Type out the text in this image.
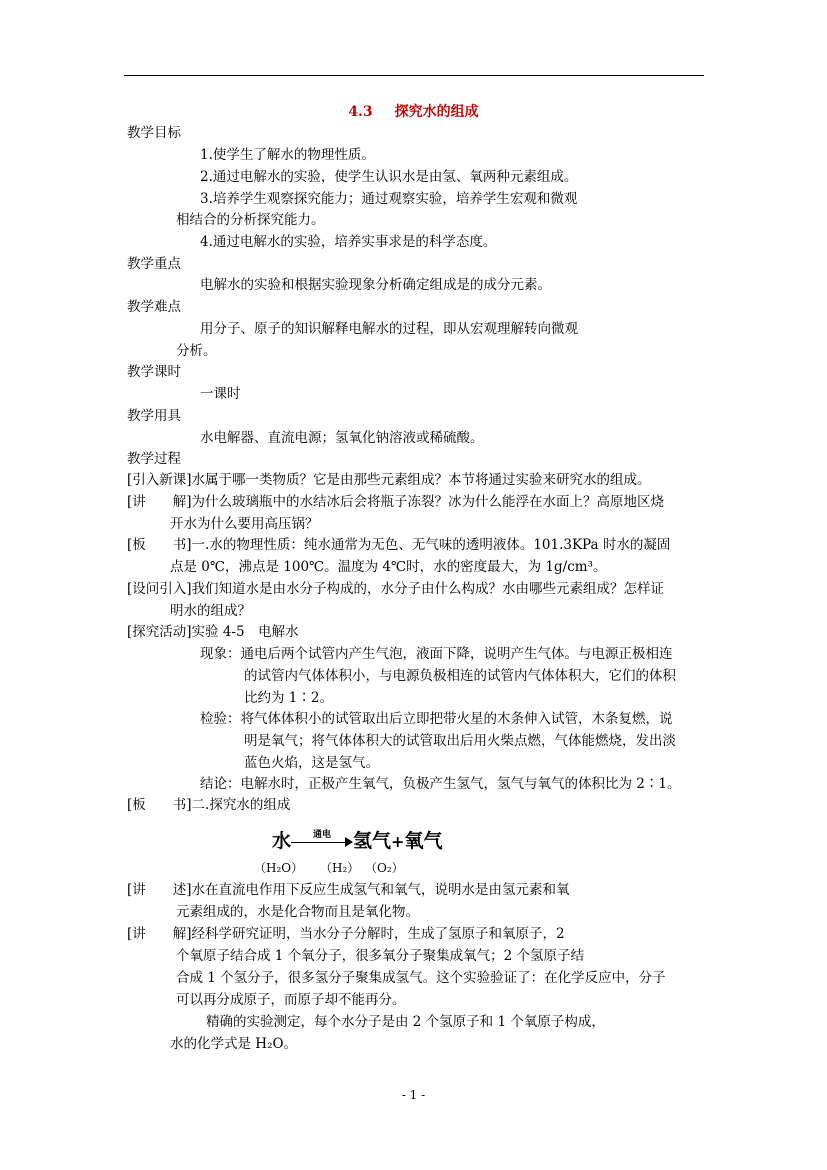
4.3 探究水的组成
教学目标
1.使学生了解水的物理性质。
2.通过电解水的实验，使学生认识水是由氢、氧两种元素组成。
3.培养学生观察探究能力；通过观察实验，培养学生宏观和微观
相结合的分析探究能力。
4.通过电解水的实验，培养实事求是的科学态度。
教学重点
电解水的实验和根据实验现象分析确定组成是的成分元素。
教学难点
用分子、原子的知识解释电解水的过程，即从宏观理解转向微观
分析。
教学课时
一课时
教学用具
水电解器、直流电源；氢氧化钠溶液或稀硫酸。
教学过程
[引入新课]水属于哪一类物质？它是由那些元素组成？本节将通过实验来研究水的组成。
[讲　　解]为什么玻璃瓶中的水结冰后会将瓶子冻裂？冰为什么能浮在水面上？高原地区烧
开水为什么要用高压锅？
[板　　书]一.水的物理性质：纯水通常为无色、无气味的透明液体。101.3KPa 时水的凝固
点是 0℃，沸点是 100℃。温度为 4℃时，水的密度最大，为 1g/cm³。
[设问引入]我们知道水是由水分子构成的，水分子由什么构成？水由哪些元素组成？怎样证
明水的组成？
[探究活动]实验 4-5　电解水
现象：通电后两个试管内产生气泡，液面下降，说明产生气体。与电源正极相连
的试管内气体体积小，与电源负极相连的试管内气体体积大，它们的体积
比约为 1∶2。
检验：将气体体积小的试管取出后立即把带火星的木条伸入试管，木条复燃，说
明是氧气；将气体体积大的试管取出后用火柴点燃，气体能燃烧，发出淡
蓝色火焰，这是氢气。
结论：电解水时，正极产生氧气，负极产生氢气，氢气与氧气的体积比为 2∶1。
[板　　书]二.探究水的组成
水	通电	氢气+氧气
（H₂O） （H₂） （O₂）
[讲　　述]水在直流电作用下反应生成氢气和氧气，说明水是由氢元素和氧
元素组成的，水是化合物而且是氧化物。
[讲　　解]经科学研究证明，当水分子分解时，生成了氢原子和氧原子，2
个氧原子结合成 1 个氧分子，很多氧分子聚集成氧气；2 个氢原子结
合成 1 个氢分子，很多氢分子聚集成氢气。这个实验验证了：在化学反应中，分子
可以再分成原子，而原子却不能再分。
精确的实验测定，每个水分子是由 2 个氢原子和 1 个氧原子构成，
水的化学式是 H₂O。
- 1 -
